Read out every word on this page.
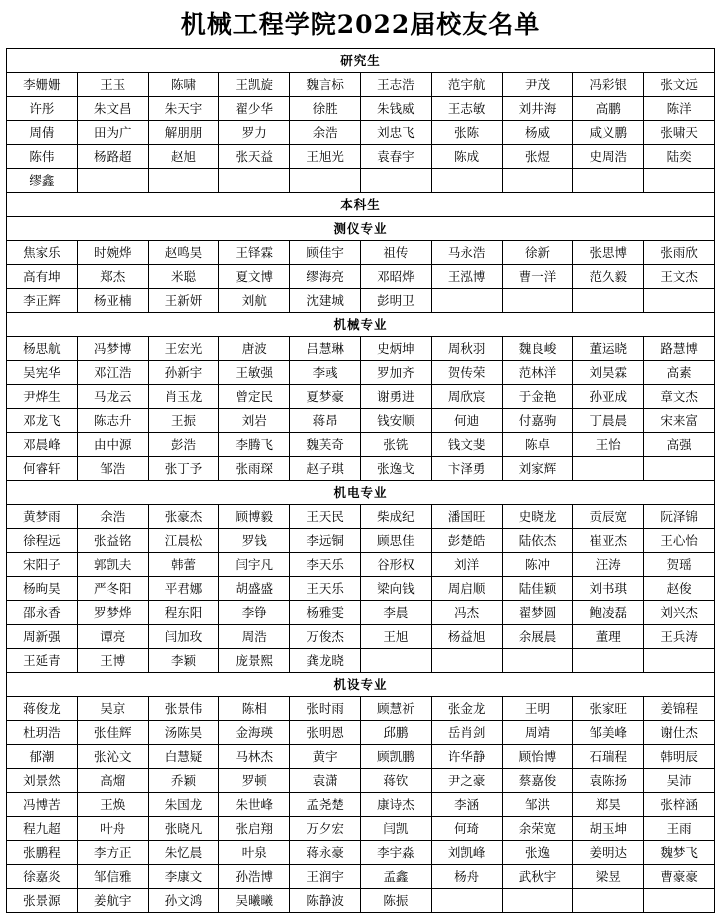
机械工程学院2022届校友名单
研究生									
李姗姗	王玉	陈啸	王凯旋	魏言标	王志浩	范宇航	尹茂	冯彩银	张文远
许彤	朱文昌	朱天宇	翟少华	徐胜	朱钱威	王志敏	刘井海	高鹏	陈洋
周倩	田为广	解朋朋	罗力	余浩	刘忠飞	张陈	杨威	咸义鹏	张啸天
陈伟	杨路超	赵旭	张天益	王旭光	袁春宇	陈成	张煜	史周浩	陆奕
缪鑫									
本科生									
测仪专业									
焦家乐	时婉烨	赵鸣昊	王铎霖	顾佳宇	祖传	马永浩	徐新	张思博	张雨欣
高有坤	郑杰	米聪	夏文博	缪海亮	邓昭烨	王泓博	曹一洋	范久毅	王文杰
李正辉	杨亚楠	王新妍	刘航	沈建城	彭明卫				
机械专业									
杨思航	冯梦博	王宏光	唐波	吕慧琳	史炳坤	周秋羽	魏良峻	董运晓	路慧博
吴宪华	邓江浩	孙新宇	王敏强	李彧	罗加齐	贺传荣	范林洋	刘昊霖	高素
尹烨生	马龙云	肖玉龙	曾定民	夏梦豪	谢勇进	周欣宸	于金艳	孙亚成	章文杰
邓龙飞	陈志升	王振	刘岩	蒋昂	钱安顺	何迪	付嘉驹	丁晨晨	宋来富
邓晨峰	由中源	彭浩	李腾飞	魏芙奇	张铣	钱文斐	陈卓	王怡	高强
何睿轩	邹浩	张丁予	张雨琛	赵子琪	张逸戈	卞泽勇	刘家辉		
机电专业									
黄梦雨	余浩	张豪杰	顾博毅	王天民	柴成纪	潘国旺	史晓龙	贡辰宽	阮泽锦
徐程远	张益铭	江晨松	罗钱	李远铜	顾思佳	彭楚皓	陆依杰	崔亚杰	王心怡
宋阳子	郭凯夫	韩蕾	闫宇凡	李天乐	谷形权	刘洋	陈冲	汪涛	贺瑶
杨昫昊	严冬阳	平君娜	胡盛盛	王天乐	梁向钱	周启顺	陆佳颖	刘书琪	赵俊
邵永香	罗梦烨	程东阳	李铮	杨雅雯	李晨	冯杰	翟梦圆	鲍凌磊	刘兴杰
周新强	谭亮	闫加玫	周浩	万俊杰	王旭	杨益旭	余展晨	董理	王兵涛
王延青	王博	李颖	庞景熙	龚龙晓					
机设专业									
蒋俊龙	吴京	张景伟	陈相	张时雨	顾慧祈	张金龙	王明	张家旺	姜锦程
杜玥浩	张佳辉	汤陈昊	金海瑛	张明恩	邱鹏	岳肖剑	周靖	邹美峰	谢仕杰
郁潮	张沁文	白慧疑	马林杰	黄宇	顾凯鹏	许华静	顾怡博	石瑞程	韩明辰
刘景然	高熘	乔颖	罗顿	袁潇	蒋钦	尹之豪	蔡嘉俊	袁陈扬	吴沛
冯博苦	王焕	朱国龙	朱世峰	孟尧楚	康诗杰	李涵	邹洪	郑昊	张梓涵
程九超	叶舟	张晓凡	张启翔	万夕宏	闫凯	何琦	余荣宽	胡玉坤	王雨
张鹏程	李方正	朱忆晨	叶泉	蒋永豪	李宇淼	刘凯峰	张逸	姜明达	魏梦飞
徐嘉炎	邹信雅	李康文	孙浩博	王润宇	孟鑫	杨舟	武秋宇	梁昱	曹豪豪
张景源	姜航宇	孙文鸿	吴曦曦	陈静波	陈振				
